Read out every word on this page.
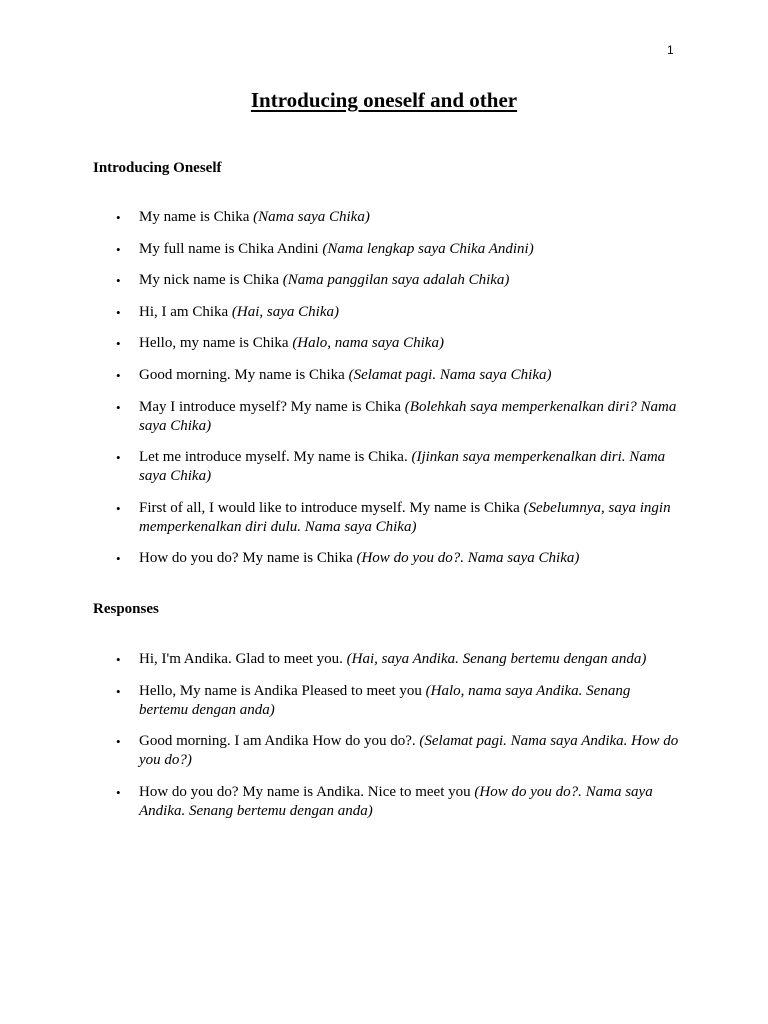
1
Introducing oneself and other
Introducing Oneself
• My name is Chika (Nama saya Chika)
• My full name is Chika Andini (Nama lengkap saya Chika Andini)
• My nick name is Chika (Nama panggilan saya adalah Chika)
• Hi, I am Chika (Hai, saya Chika)
• Hello, my name is Chika (Halo, nama saya Chika)
• Good morning. My name is Chika (Selamat pagi. Nama saya Chika)
• May I introduce myself? My name is Chika (Bolehkah saya memperkenalkan diri? Nama saya Chika)
• Let me introduce myself. My name is Chika. (Ijinkan saya memperkenalkan diri. Nama saya Chika)
• First of all, I would like to introduce myself. My name is Chika (Sebelumnya, saya ingin memperkenalkan diri dulu. Nama saya Chika)
• How do you do? My name is Chika (How do you do?. Nama saya Chika)
Responses
• Hi, I'm Andika. Glad to meet you. (Hai, saya Andika. Senang bertemu dengan anda)
• Hello, My name is Andika Pleased to meet you (Halo, nama saya Andika. Senang bertemu dengan anda)
• Good morning. I am Andika How do you do?. (Selamat pagi. Nama saya Andika. How do you do?)
• How do you do? My name is Andika. Nice to meet you (How do you do?. Nama saya Andika. Senang bertemu dengan anda)
